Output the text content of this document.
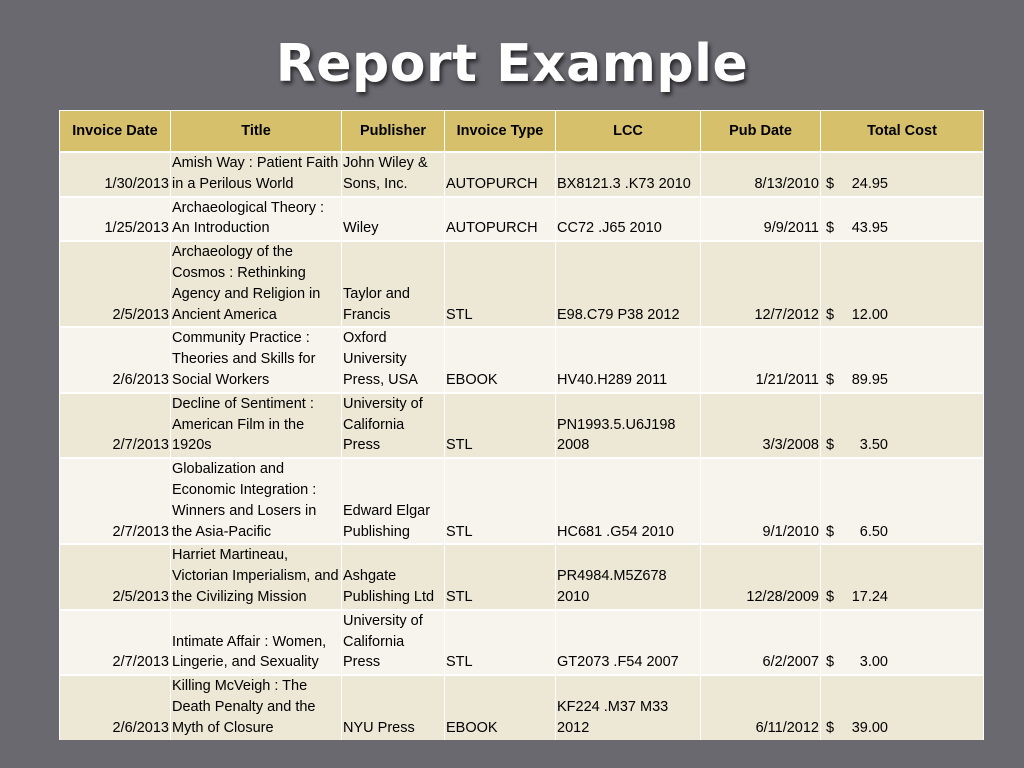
Report Example
Invoice Date	Title	Publisher	Invoice Type	LCC	Pub Date	Total Cost
1/30/2013	Amish Way : Patient Faith in a Perilous World	John Wiley & Sons, Inc.	AUTOPURCH	BX8121.3 .K73 2010	8/13/2010	$ 24.95

1/25/2013	Archaeological Theory : An Introduction	Wiley	AUTOPURCH	CC72 .J65 2010	9/9/2011	$ 43.95

2/5/2013	Archaeology of the Cosmos : Rethinking Agency and Religion in Ancient America	Taylor and Francis	STL	E98.C79 P38 2012	12/7/2012	$ 12.00

2/6/2013	Community Practice : Theories and Skills for Social Workers	Oxford University Press, USA	EBOOK	HV40.H289 2011	1/21/2011	$ 89.95

2/7/2013	Decline of Sentiment : American Film in the 1920s	University of California Press	STL	PN1993.5.U6J198 2008	3/3/2008	$ 3.50

2/7/2013	Globalization and Economic Integration : Winners and Losers in the Asia-Pacific	Edward Elgar Publishing	STL	HC681 .G54 2010	9/1/2010	$ 6.50

2/5/2013	Harriet Martineau, Victorian Imperialism, and the Civilizing Mission	Ashgate Publishing Ltd	STL	PR4984.M5Z678 2010	12/28/2009	$ 17.24

2/7/2013	Intimate Affair : Women, Lingerie, and Sexuality	University of California Press	STL	GT2073 .F54 2007	6/2/2007	$ 3.00

2/6/2013	Killing McVeigh : The Death Penalty and the Myth of Closure	NYU Press	EBOOK	KF224 .M37 M33 2012	6/11/2012	$ 39.00
